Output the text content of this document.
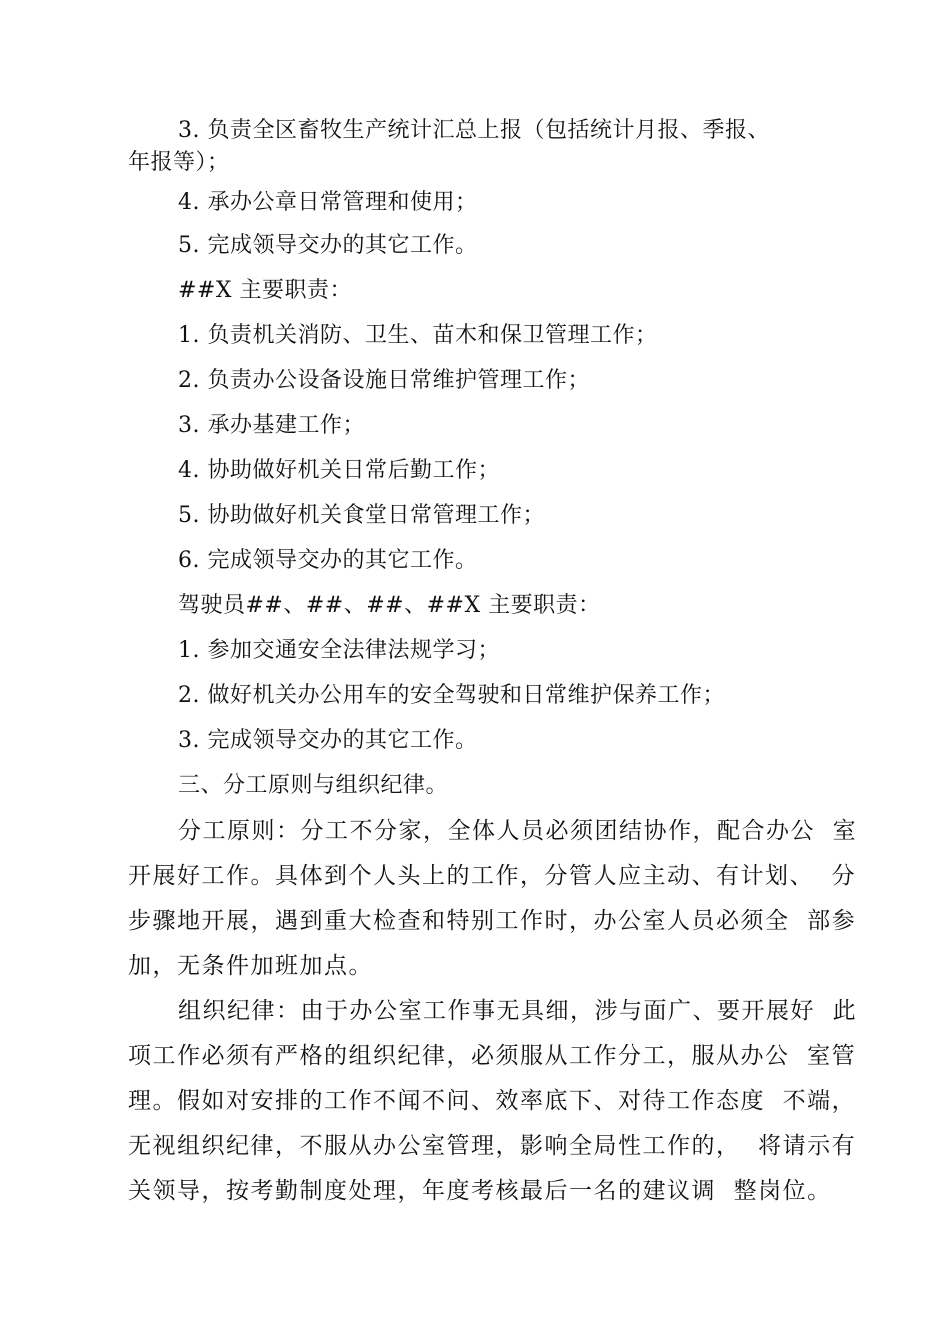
3. 负责全区畜牧生产统计汇总上报（包括统计月报、季报、
年报等）；
4. 承办公章日常管理和使用；
5. 完成领导交办的其它工作。
##X 主要职责：
1. 负责机关消防、卫生、苗木和保卫管理工作；
2. 负责办公设备设施日常维护管理工作；
3. 承办基建工作；
4. 协助做好机关日常后勤工作；
5. 协助做好机关食堂日常管理工作；
6. 完成领导交办的其它工作。
驾驶员##、##、##、##X 主要职责：
1. 参加交通安全法律法规学习；
2. 做好机关办公用车的安全驾驶和日常维护保养工作；
3. 完成领导交办的其它工作。
三、分工原则与组织纪律。
分工原则：分工不分家，全体人员必须团结协作，配合办公  室
开展好工作。具体到个人头上的工作，分管人应主动、有计划、  分
步骤地开展，遇到重大检查和特别工作时，办公室人员必须全  部参
加，无条件加班加点。
组织纪律：由于办公室工作事无具细，涉与面广、要开展好  此
项工作必须有严格的组织纪律，必须服从工作分工，服从办公  室管
理。假如对安排的工作不闻不问、效率底下、对待工作态度  不端，
无视组织纪律，不服从办公室管理，影响全局性工作的，  将请示有
关领导，按考勤制度处理，年度考核最后一名的建议调  整岗位。
